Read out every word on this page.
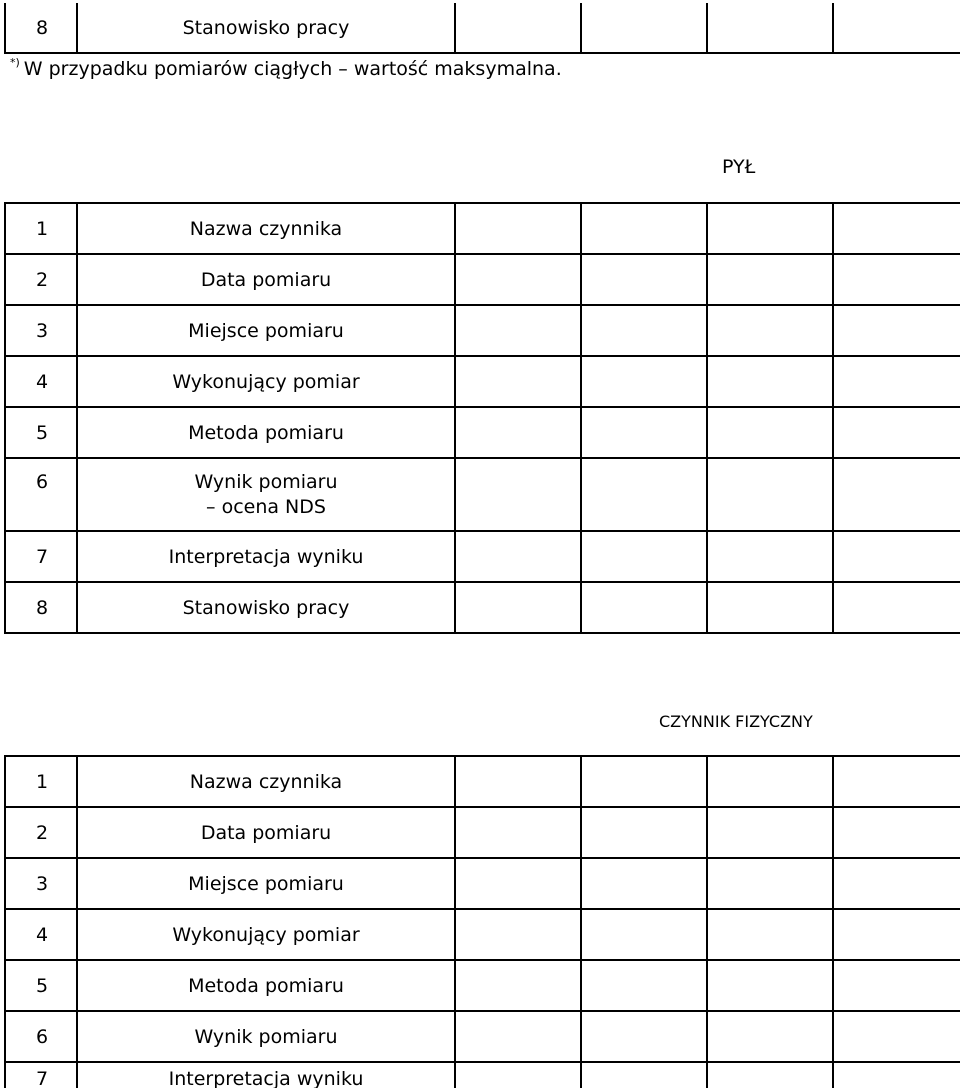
8	Stanowisko pracy				
*) W przypadku pomiarów ciągłych – wartość maksymalna.
PYŁ
1	Nazwa czynnika				
2	Data pomiaru				
3	Miejsce pomiaru				
4	Wykonujący pomiar				
5	Metoda pomiaru				
6	Wynik pomiaru
– ocena NDS				

7	Interpretacja wyniku				
8	Stanowisko pracy				
CZYNNIK FIZYCZNY
1	Nazwa czynnika				
2	Data pomiaru				
3	Miejsce pomiaru				
4	Wykonujący pomiar				
5	Metoda pomiaru				
6	Wynik pomiaru				
7	Interpretacja wyniku				
